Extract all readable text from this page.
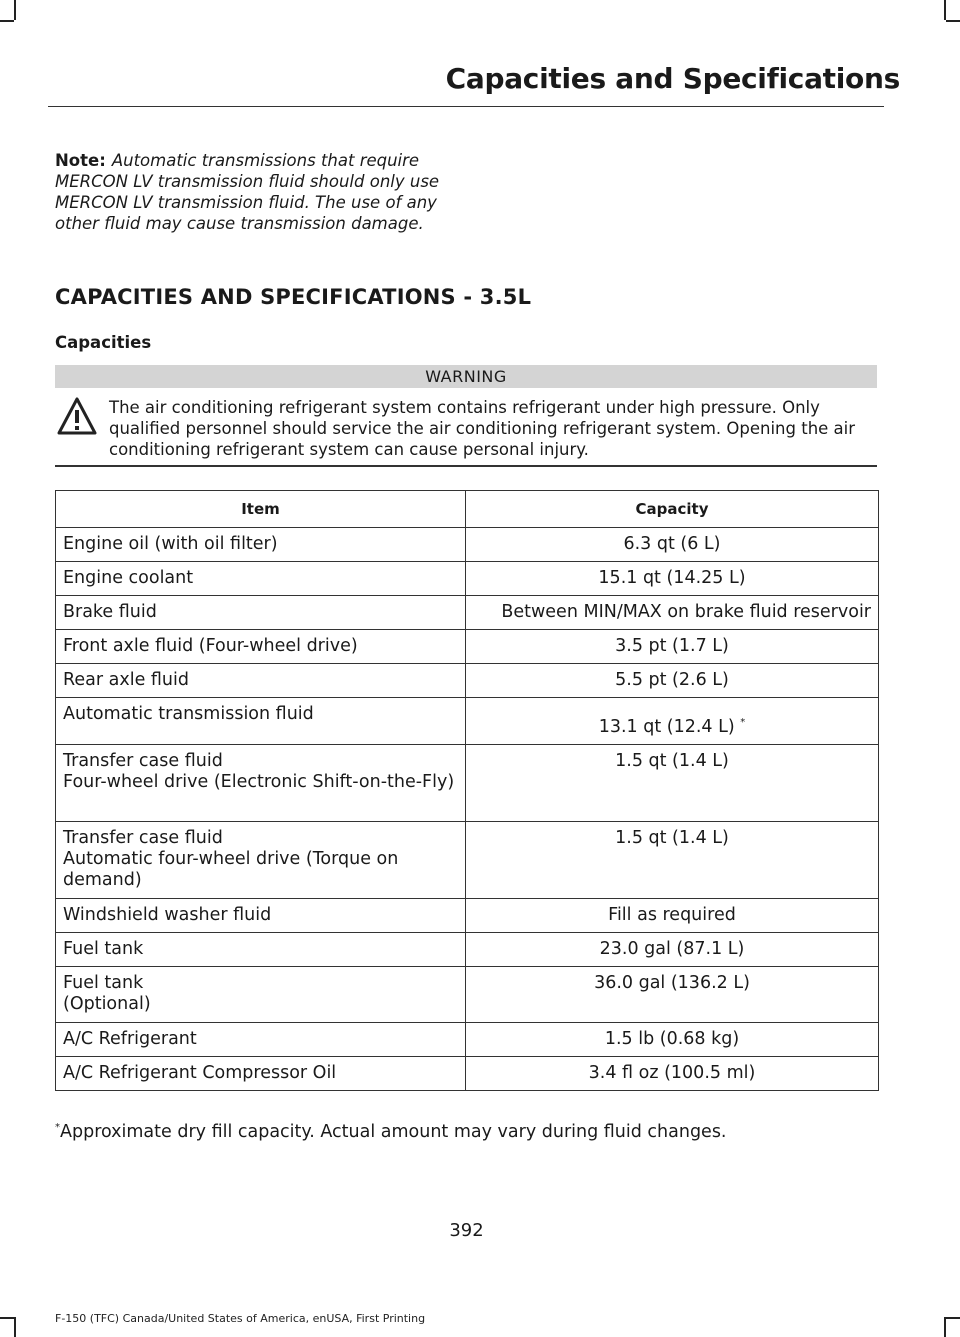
Capacities and Specifications
Note: Automatic transmissions that require MERCON LV transmission fluid should only use MERCON LV transmission fluid. The use of any other fluid may cause transmission damage.
CAPACITIES AND SPECIFICATIONS - 3.5L
Capacities
WARNING
The air conditioning refrigerant system contains refrigerant under high pressure. Only qualified personnel should service the air conditioning refrigerant system. Opening the air conditioning refrigerant system can cause personal injury.
Item	Capacity
Engine oil (with oil filter)	6.3 qt (6 L)
Engine coolant	15.1 qt (14.25 L)
Brake fluid	Between MIN/MAX on brake fluid reservoir
Front axle fluid (Four-wheel drive)	3.5 pt (1.7 L)
Rear axle fluid	5.5 pt (2.6 L)
Automatic transmission fluid	13.1 qt (12.4 L) *

Transfer case fluid
Four-wheel drive (Electronic Shift-on-the-Fly)	1.5 qt (1.4 L)

Transfer case fluid
Automatic four-wheel drive (Torque on demand)	1.5 qt (1.4 L)
Windshield washer fluid	Fill as required
Fuel tank	23.0 gal (87.1 L)

Fuel tank
(Optional)	36.0 gal (136.2 L)
A/C Refrigerant	1.5 lb (0.68 kg)
A/C Refrigerant Compressor Oil	3.4 fl oz (100.5 ml)
*Approximate dry fill capacity. Actual amount may vary during fluid changes.
392
F-150 (TFC) Canada/United States of America, enUSA, First Printing
